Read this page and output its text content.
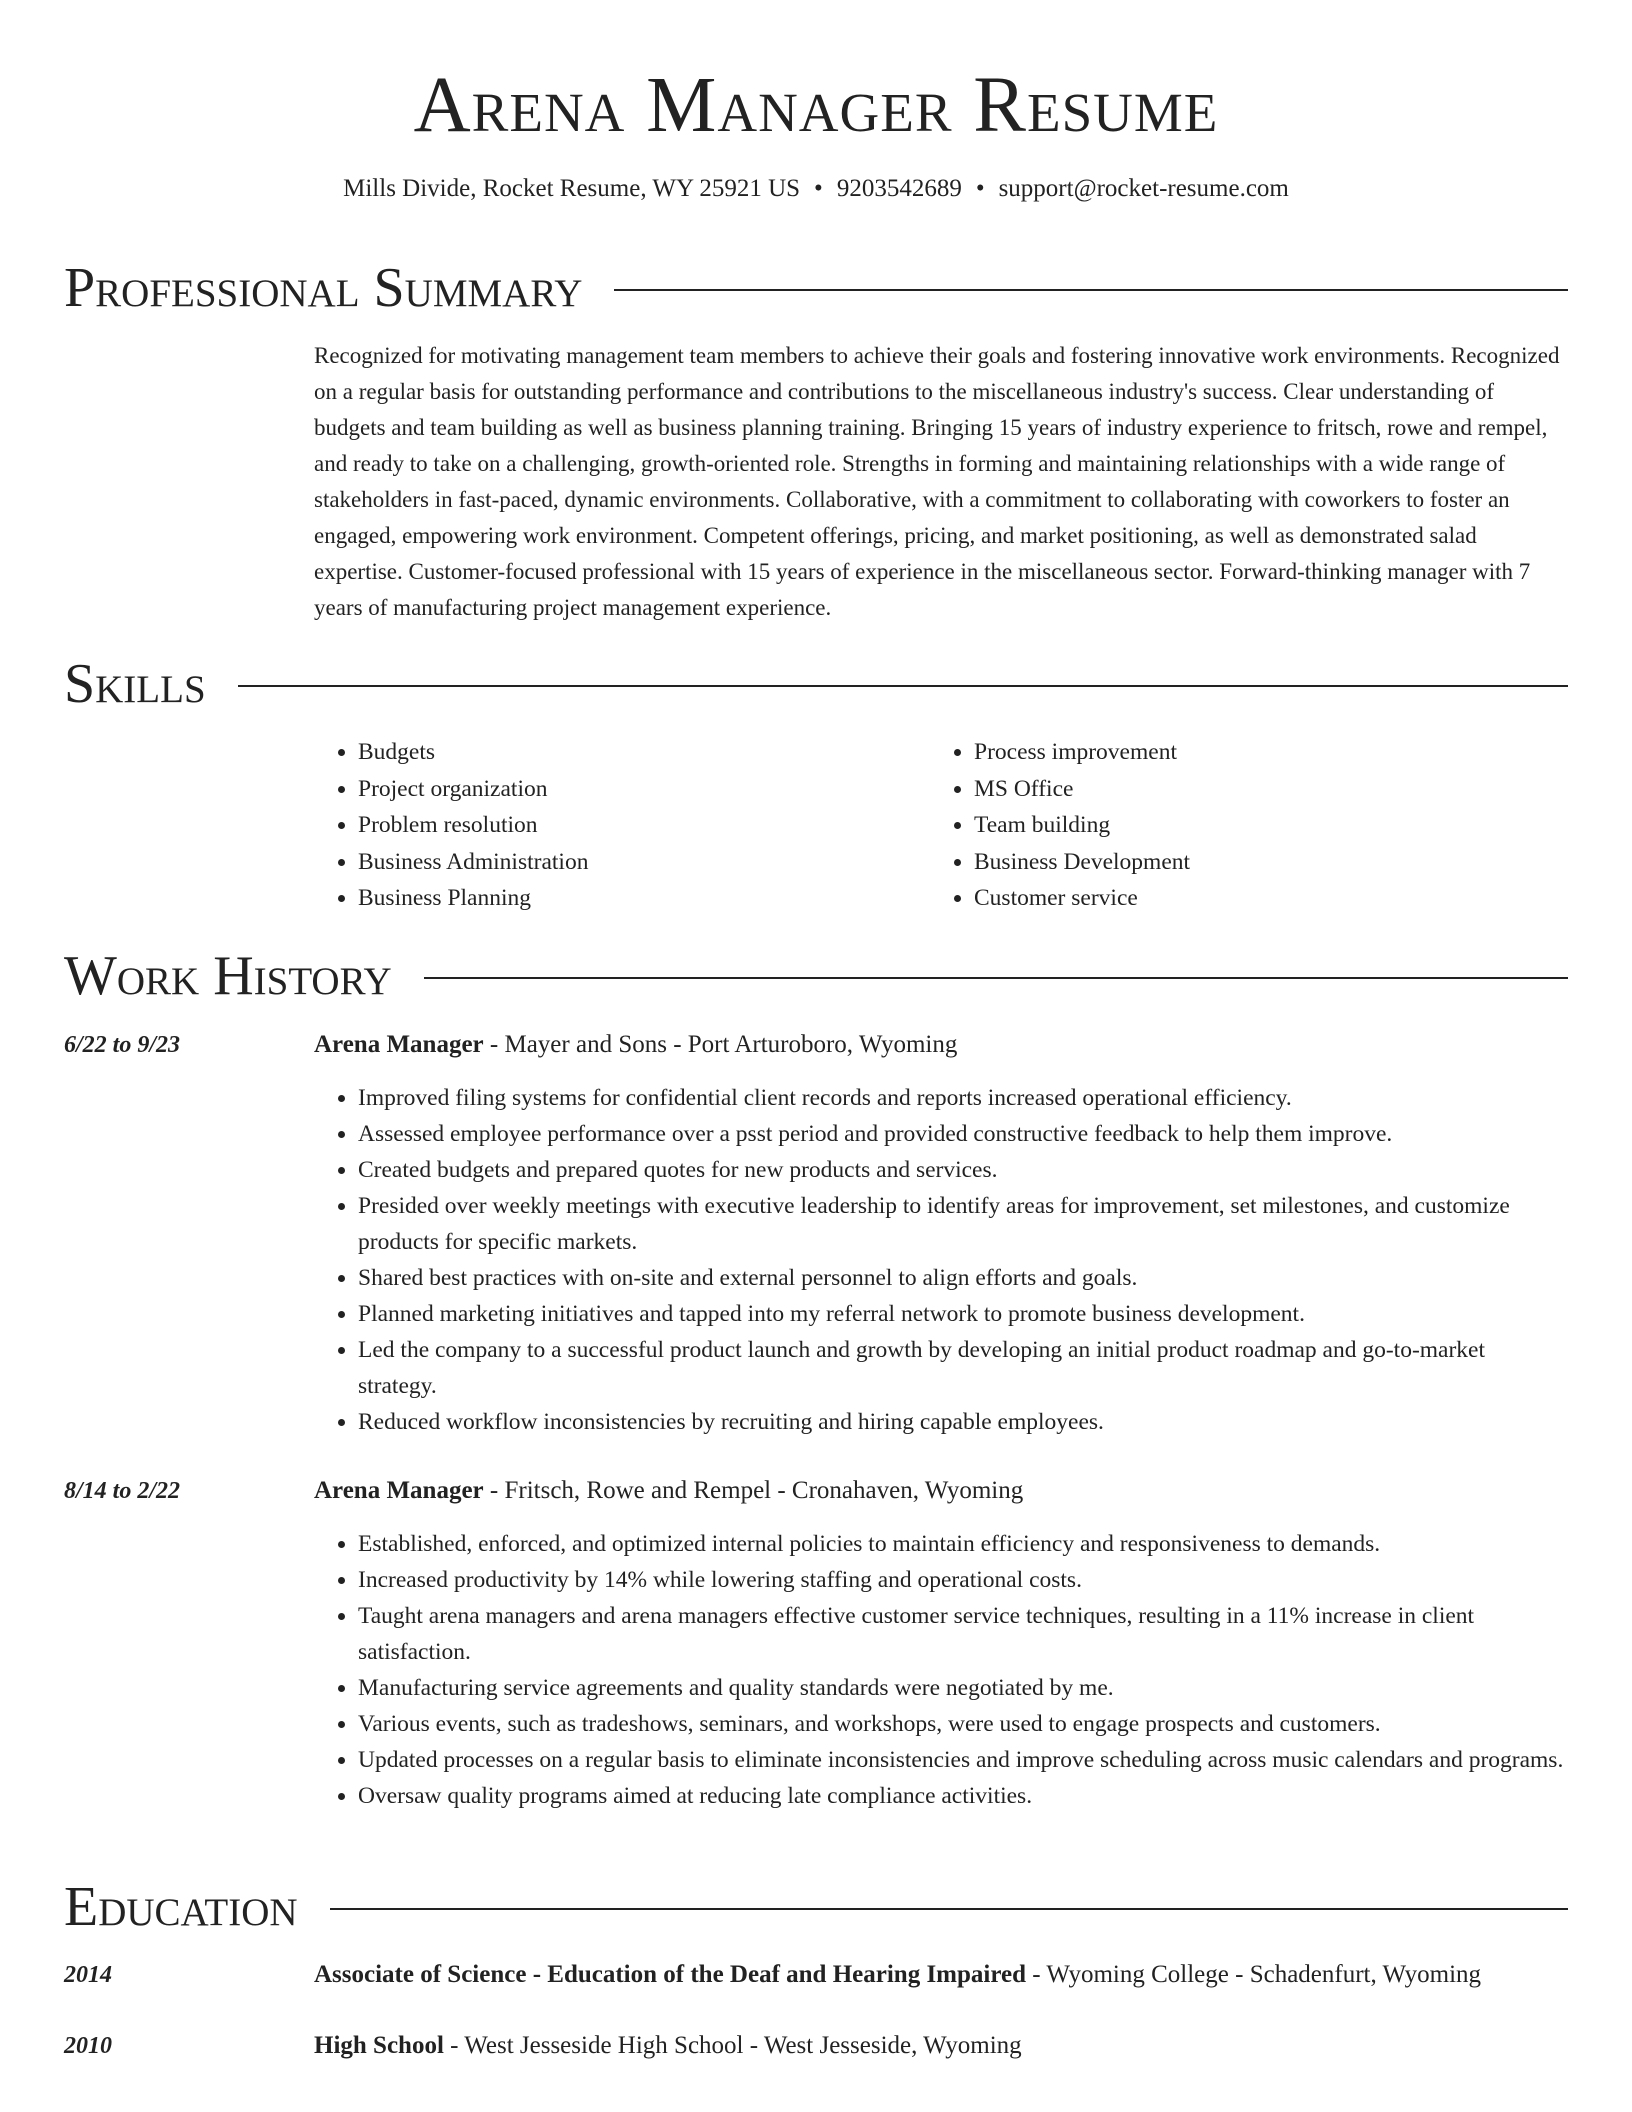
Arena Manager Resume
Mills Divide, Rocket Resume, WY 25921 US • 9203542689 • support@rocket-resume.com
Professional Summary

Recognized for motivating management team members to achieve their goals and fostering innovative work environments. Recognized on a regular basis for outstanding performance and contributions to the miscellaneous industry's success. Clear understanding of budgets and team building as well as business planning training. Bringing 15 years of industry experience to fritsch, rowe and rempel, and ready to take on a challenging, growth-oriented role. Strengths in forming and maintaining relationships with a wide range of stakeholders in fast-paced, dynamic environments. Collaborative, with a commitment to collaborating with coworkers to foster an engaged, empowering work environment. Competent offerings, pricing, and market positioning, as well as demonstrated salad expertise. Customer-focused professional with 15 years of experience in the miscellaneous sector. Forward-thinking manager with 7 years of manufacturing project management experience.

Skills
• Budgets
• Project organization
• Problem resolution
• Business Administration
• Business Planning
• Process improvement
• MS Office
• Team building
• Business Development
• Customer service
Work History
6/22 to 9/23	Arena Manager - Mayer and Sons - Port Arturoboro, Wyoming
• Improved filing systems for confidential client records and reports increased operational efficiency.
• Assessed employee performance over a psst period and provided constructive feedback to help them improve.
• Created budgets and prepared quotes for new products and services.
• Presided over weekly meetings with executive leadership to identify areas for improvement, set milestones, and customize products for specific markets.
• Shared best practices with on-site and external personnel to align efforts and goals.
• Planned marketing initiatives and tapped into my referral network to promote business development.
• Led the company to a successful product launch and growth by developing an initial product roadmap and go-to-market strategy.
• Reduced workflow inconsistencies by recruiting and hiring capable employees.
8/14 to 2/22	Arena Manager - Fritsch, Rowe and Rempel - Cronahaven, Wyoming
• Established, enforced, and optimized internal policies to maintain efficiency and responsiveness to demands.
• Increased productivity by 14% while lowering staffing and operational costs.
• Taught arena managers and arena managers effective customer service techniques, resulting in a 11% increase in client satisfaction.
• Manufacturing service agreements and quality standards were negotiated by me.
• Various events, such as tradeshows, seminars, and workshops, were used to engage prospects and customers.
• Updated processes on a regular basis to eliminate inconsistencies and improve scheduling across music calendars and programs.
• Oversaw quality programs aimed at reducing late compliance activities.
Education
2014	Associate of Science - Education of the Deaf and Hearing Impaired - Wyoming College - Schadenfurt, Wyoming
2010	High School - West Jesseside High School - West Jesseside, Wyoming
